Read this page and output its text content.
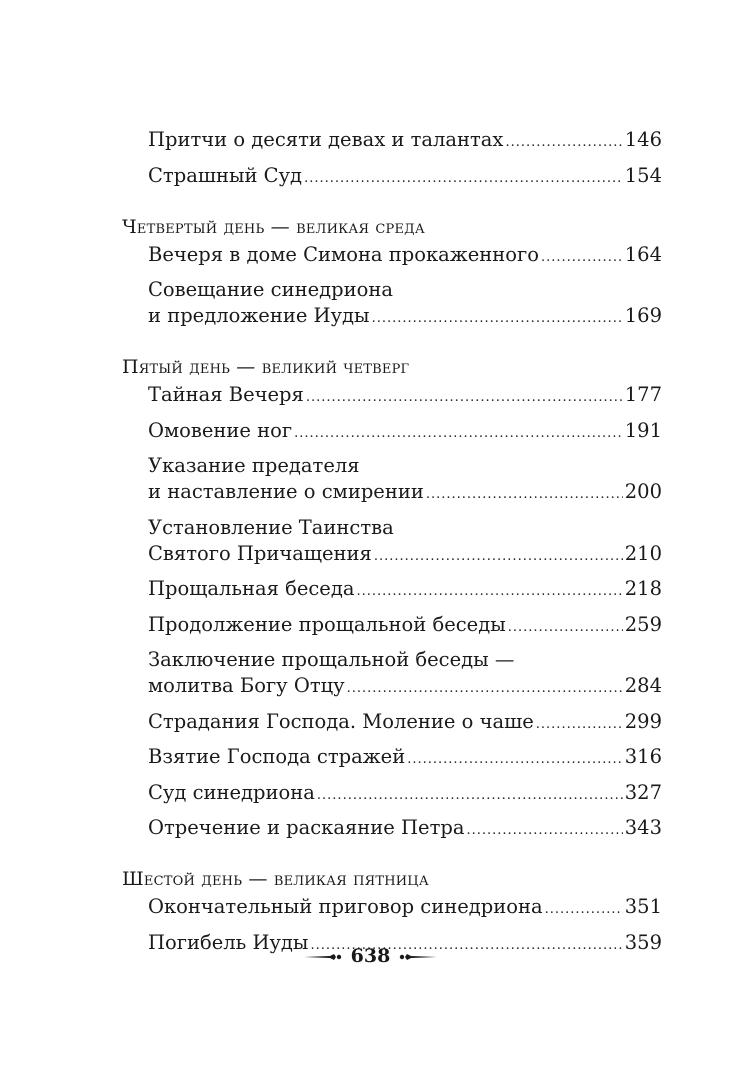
Притчи о десяти девах и талантах .....	146
Страшный Суд .....	154
Четвертый день — великая среда
Вечеря в доме Симона прокаженного .....	164
Совещание синедриона
и предложение Иуды .....	169
Пятый день — великий четверг
Тайная Вечеря .....	177
Омовение ног .....	191
Указание предателя
и наставление о смирении .....	200
Установление Таинства
Святого Причащения .....	210
Прощальная беседа .....	218
Продолжение прощальной беседы .....	259
Заключение прощальной беседы —
молитва Богу Отцу .....	284
Страдания Господа. Моление о чаше .....	299
Взятие Господа стражей .....	316
Суд синедриона .....	327
Отречение и раскаяние Петра .....	343
Шестой день — великая пятница
Окончательный приговор синедриона .....	351
Погибель Иуды .....	359
638
